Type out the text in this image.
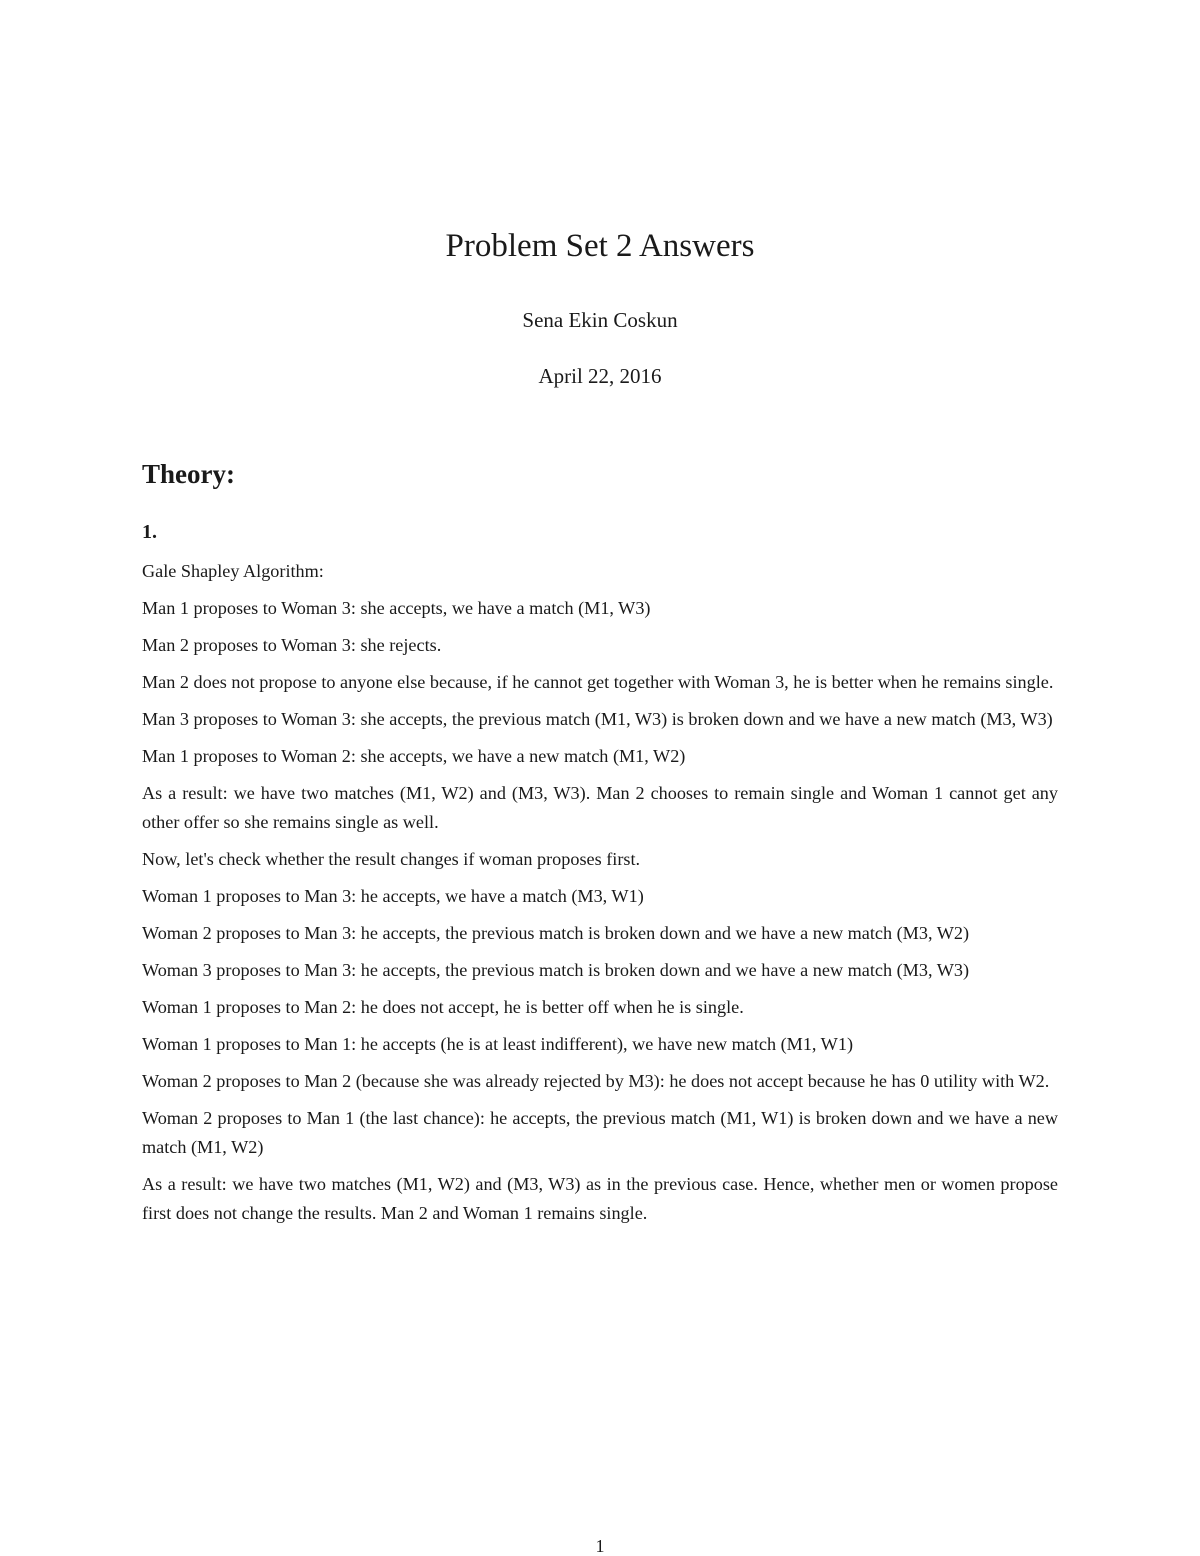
Problem Set 2 Answers
Sena Ekin Coskun
April 22, 2016
Theory:
1.

Gale Shapley Algorithm:

Man 1 proposes to Woman 3: she accepts, we have a match (M1, W3)

Man 2 proposes to Woman 3: she rejects.

Man 2 does not propose to anyone else because, if he cannot get together with Woman 3, he is better when he remains single.

Man 3 proposes to Woman 3: she accepts, the previous match (M1, W3) is broken down and we have a new match (M3, W3)

Man 1 proposes to Woman 2: she accepts, we have a new match (M1, W2)

As a result: we have two matches (M1, W2) and (M3, W3). Man 2 chooses to remain single and Woman 1 cannot get any other offer so she remains single as well.

Now, let's check whether the result changes if woman proposes first.

Woman 1 proposes to Man 3: he accepts, we have a match (M3, W1)

Woman 2 proposes to Man 3: he accepts, the previous match is broken down and we have a new match (M3, W2)

Woman 3 proposes to Man 3: he accepts, the previous match is broken down and we have a new match (M3, W3)

Woman 1 proposes to Man 2: he does not accept, he is better off when he is single.

Woman 1 proposes to Man 1: he accepts (he is at least indifferent), we have new match (M1, W1)

Woman 2 proposes to Man 2 (because she was already rejected by M3): he does not accept because he has 0 utility with W2.

Woman 2 proposes to Man 1 (the last chance): he accepts, the previous match (M1, W1) is broken down and we have a new match (M1, W2)

As a result: we have two matches (M1, W2) and (M3, W3) as in the previous case. Hence, whether men or women propose first does not change the results. Man 2 and Woman 1 remains single.

1
